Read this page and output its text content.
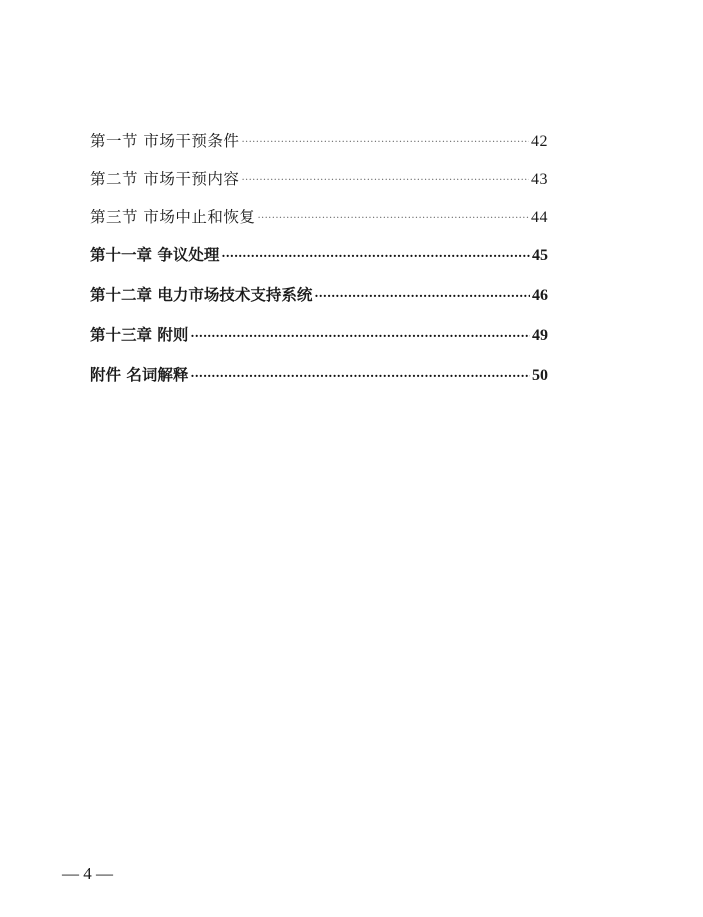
第一节 市场干预条件 .....	42
第二节 市场干预内容 .....	43
第三节 市场中止和恢复 .....	44
第十一章 争议处理 .....	45
第十二章 电力市场技术支持系统 .....	46
第十三章 附则 .....	49
附件 名词解释 .....	50
— 4 —
